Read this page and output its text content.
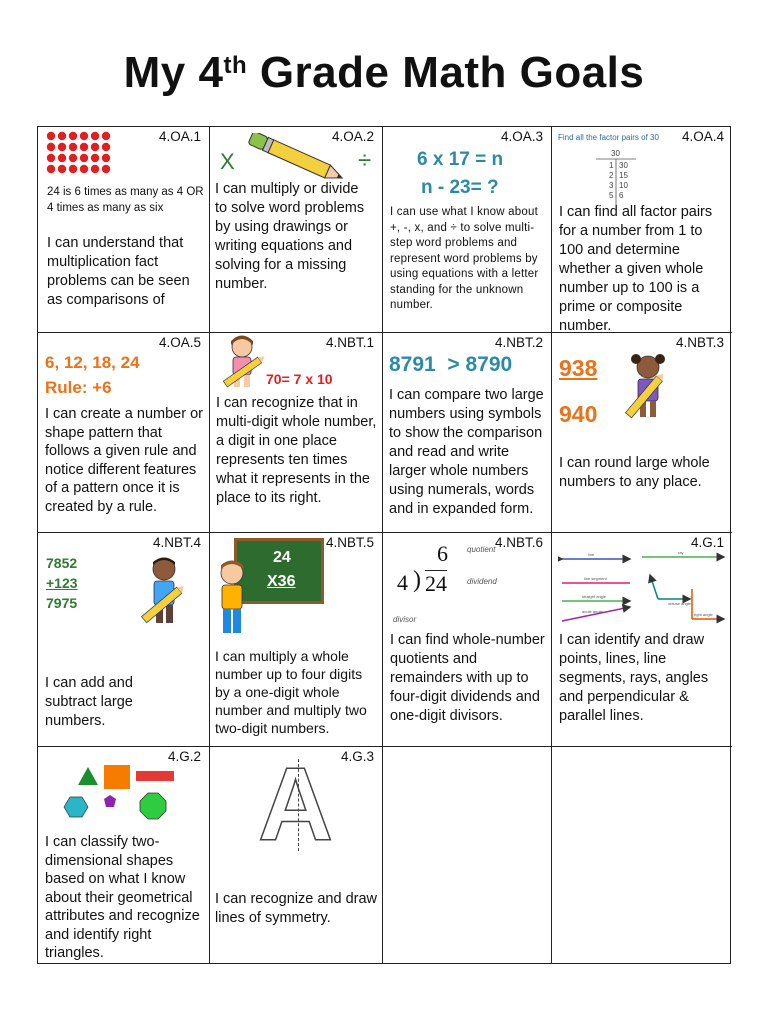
My 4th Grade Math Goals
4.OA.1
24 is 6 times as many as 4 OR 4 times as many as six
I can understand that multiplication fact problems can be seen as comparisons of
4.OA.2
X	÷
I can multiply or divide to solve word problems by using drawings or writing equations and solving for a missing number.
4.OA.3
6 x 17 = n
n - 23= ?
I can use what I know about +, -, x, and ÷ to solve multi-step word problems and represent word problems by using equations with a letter standing for the unknown number.
4.OA.4
Find all the factor pairs of 30
30
1 30
2 15
3 10
5 6
I can find all factor pairs for a number from 1 to 100 and determine whether a given whole number up to 100 is a prime or composite number.
4.OA.5
6, 12, 18, 24
Rule: +6
I can create a number or shape pattern that follows a given rule and notice different features of a pattern once it is created by a rule.
4.NBT.1
70= 7 x 10
I can recognize that in multi-digit whole number, a digit in one place represents ten times what it represents in the place to its right.
4.NBT.2
8791  > 8790
I can compare two large numbers using symbols to show the comparison and read and write larger whole numbers using numerals, words and in expanded form.
4.NBT.3
938
940
I can round large whole numbers to any place.
4.NBT.4
7852
+123
7975
I can add and subtract large numbers.
4.NBT.5
24
X36
I can multiply a whole number up to four digits by a one-digit whole number and multiply two two-digit numbers.
4.NBT.6
6 quotient
4 ) 24	dividend
divisor
I can find whole-number quotients and remainders with up to four-digit dividends and one-digit divisors.
4.G.1
line	ray
line segment
straight angle
acute angle
obtuse angle
right angle
I can identify and draw points, lines, line segments, rays, angles and perpendicular & parallel lines.
4.G.2
I can classify two-dimensional shapes based on what I know about their geometrical attributes and recognize and identify right triangles.
4.G.3
A
I can recognize and draw lines of symmetry.
